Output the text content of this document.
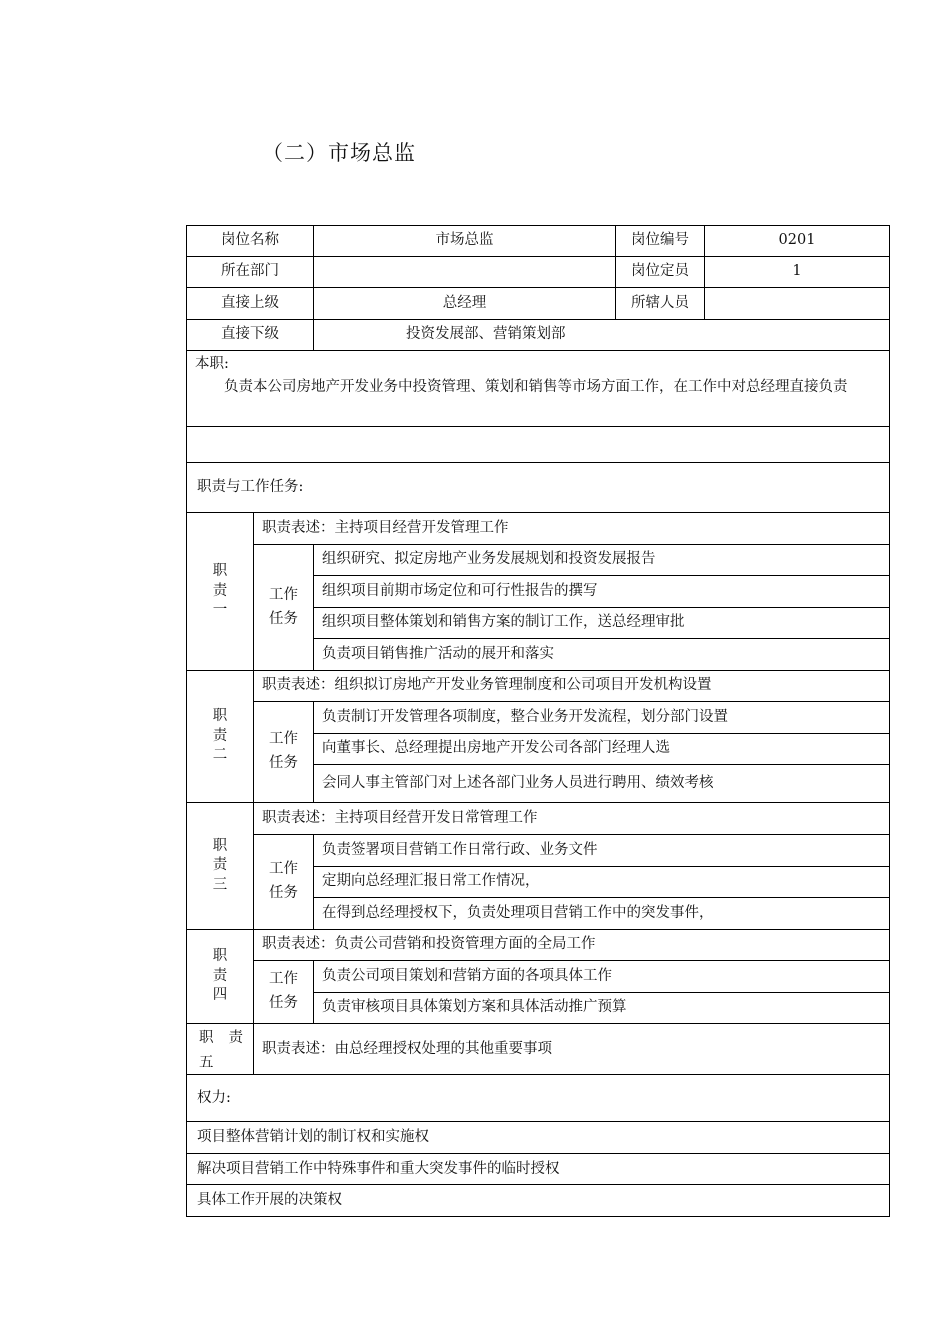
（二）市场总监
岗位名称		市场总监	岗位编号	0201
所在部门			岗位定员	1
直接上级		总经理	所辖人员	
直接下级		投资发展部、营销策划部		

本职:
负责本公司房地产开发业务中投资管理、策划和销售等市场方面工作，在工作中对总经理直接负责				

职责与工作任务:				

职
责
一	职责表述：主持项目经营开发管理工作			

	工作
任务	组织研究、拟定房地产业务发展规划和投资发展报告		
		组织项目前期市场定位和可行性报告的撰写		
		组织项目整体策划和销售方案的制订工作，送总经理审批		
		负责项目销售推广活动的展开和落实		

职
责
二	职责表述：组织拟订房地产开发业务管理制度和公司项目开发机构设置			

	工作
任务	负责制订开发管理各项制度，整合业务开发流程，划分部门设置		
		向董事长、总经理提出房地产开发公司各部门经理人选		
		会同人事主管部门对上述各部门业务人员进行聘用、绩效考核		

职
责
三	职责表述：主持项目经营开发日常管理工作			

	工作
任务	负责签署项目营销工作日常行政、业务文件		
		定期向总经理汇报日常工作情况，		
		在得到总经理授权下，负责处理项目营销工作中的突发事件，		

职
责
四	职责表述：负责公司营销和投资管理方面的全局工作			

	工作
任务	负责公司项目策划和营销方面的各项具体工作		
		负责审核项目具体策划方案和具体活动推广预算		

职 责
五	职责表述：由总经理授权处理的其他重要事项			
权力:				
项目整体营销计划的制订权和实施权				
解决项目营销工作中特殊事件和重大突发事件的临时授权				
具体工作开展的决策权				
